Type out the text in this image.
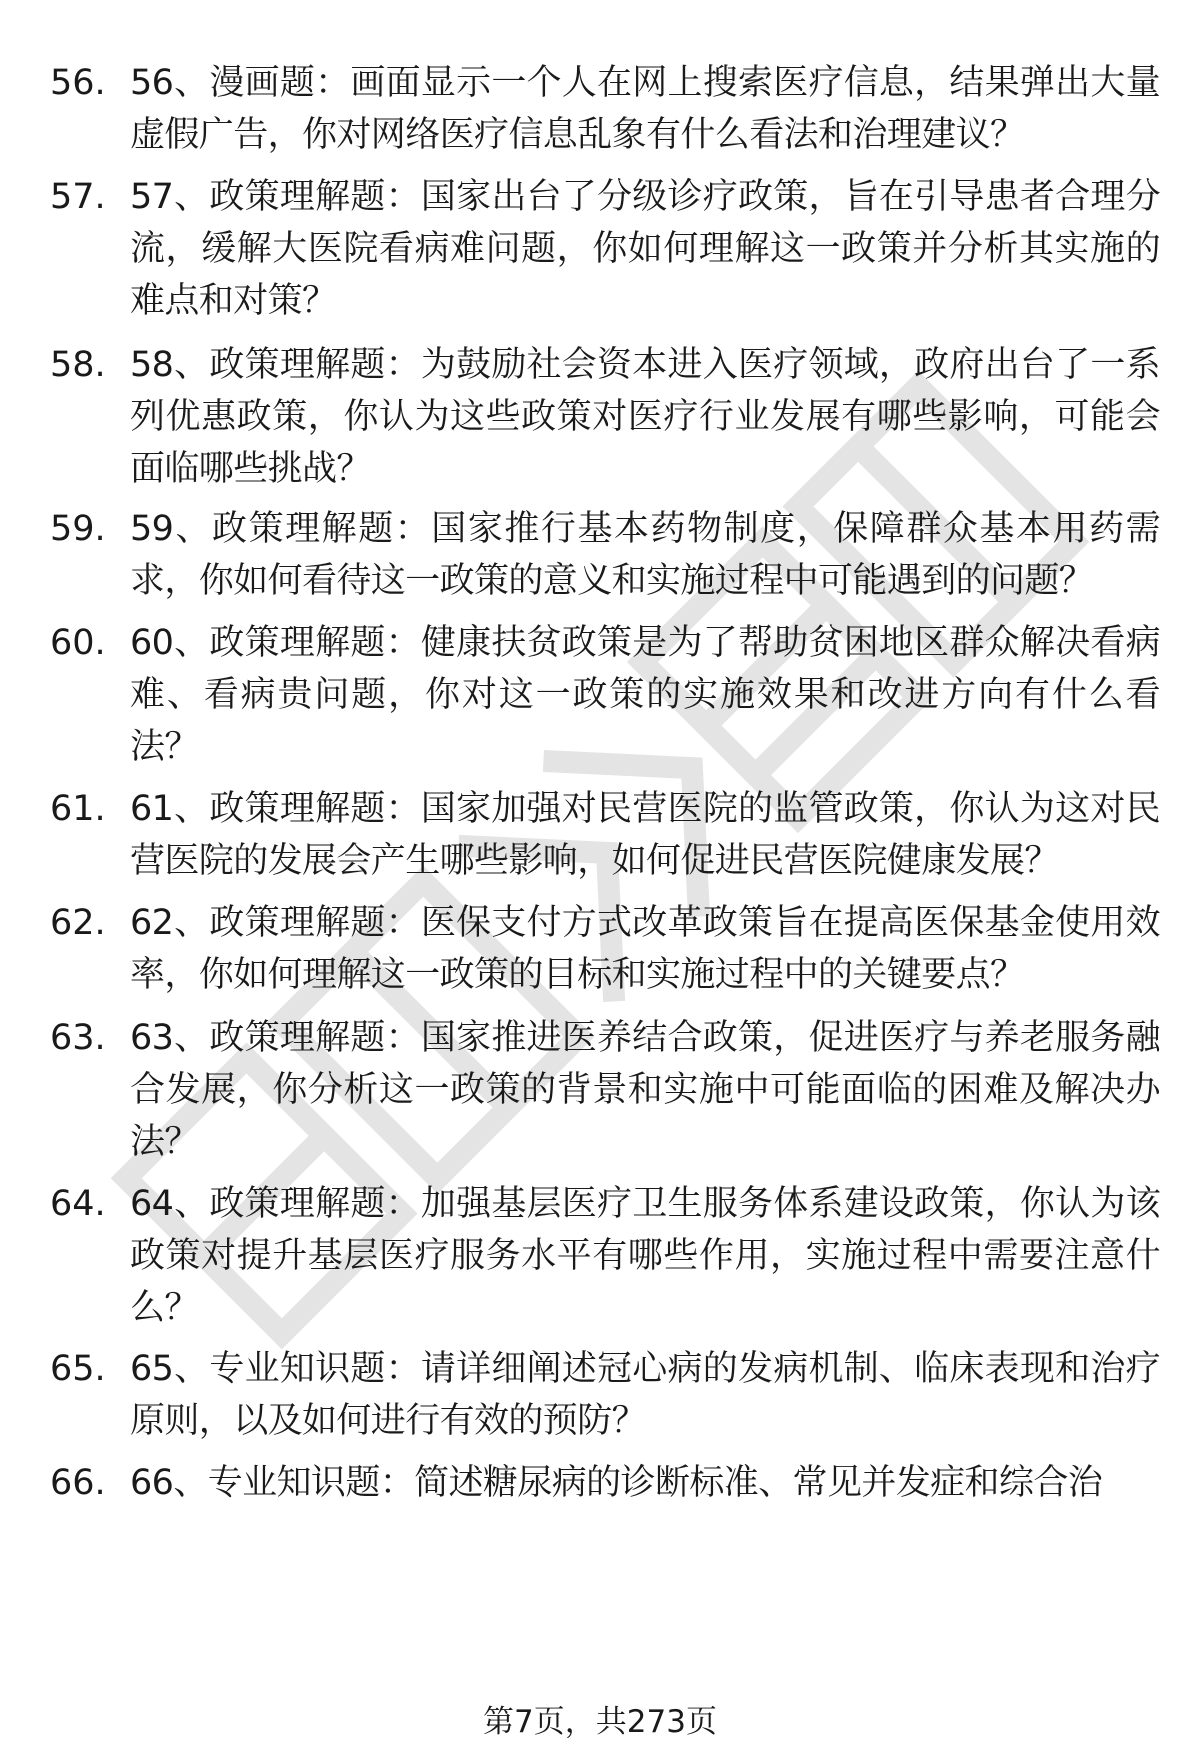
56. 56、漫画题：画面显示一个人在网上搜索医疗信息，结果弹出大量虚假广告，你对网络医疗信息乱象有什么看法和治理建议？
57. 57、政策理解题：国家出台了分级诊疗政策，旨在引导患者合理分流，缓解大医院看病难问题，你如何理解这一政策并分析其实施的难点和对策？
58. 58、政策理解题：为鼓励社会资本进入医疗领域，政府出台了一系列优惠政策，你认为这些政策对医疗行业发展有哪些影响，可能会面临哪些挑战？
59. 59、政策理解题：国家推行基本药物制度，保障群众基本用药需求，你如何看待这一政策的意义和实施过程中可能遇到的问题？
60. 60、政策理解题：健康扶贫政策是为了帮助贫困地区群众解决看病难、看病贵问题，你对这一政策的实施效果和改进方向有什么看法？
61. 61、政策理解题：国家加强对民营医院的监管政策，你认为这对民营医院的发展会产生哪些影响，如何促进民营医院健康发展？
62. 62、政策理解题：医保支付方式改革政策旨在提高医保基金使用效率，你如何理解这一政策的目标和实施过程中的关键要点？
63. 63、政策理解题：国家推进医养结合政策，促进医疗与养老服务融合发展，你分析这一政策的背景和实施中可能面临的困难及解决办法？
64. 64、政策理解题：加强基层医疗卫生服务体系建设政策，你认为该政策对提升基层医疗服务水平有哪些作用，实施过程中需要注意什么？
65. 65、专业知识题：请详细阐述冠心病的发病机制、临床表现和治疗原则，以及如何进行有效的预防？
66. 66、专业知识题：简述糖尿病的诊断标准、常见并发症和综合治
第7页，共273页
